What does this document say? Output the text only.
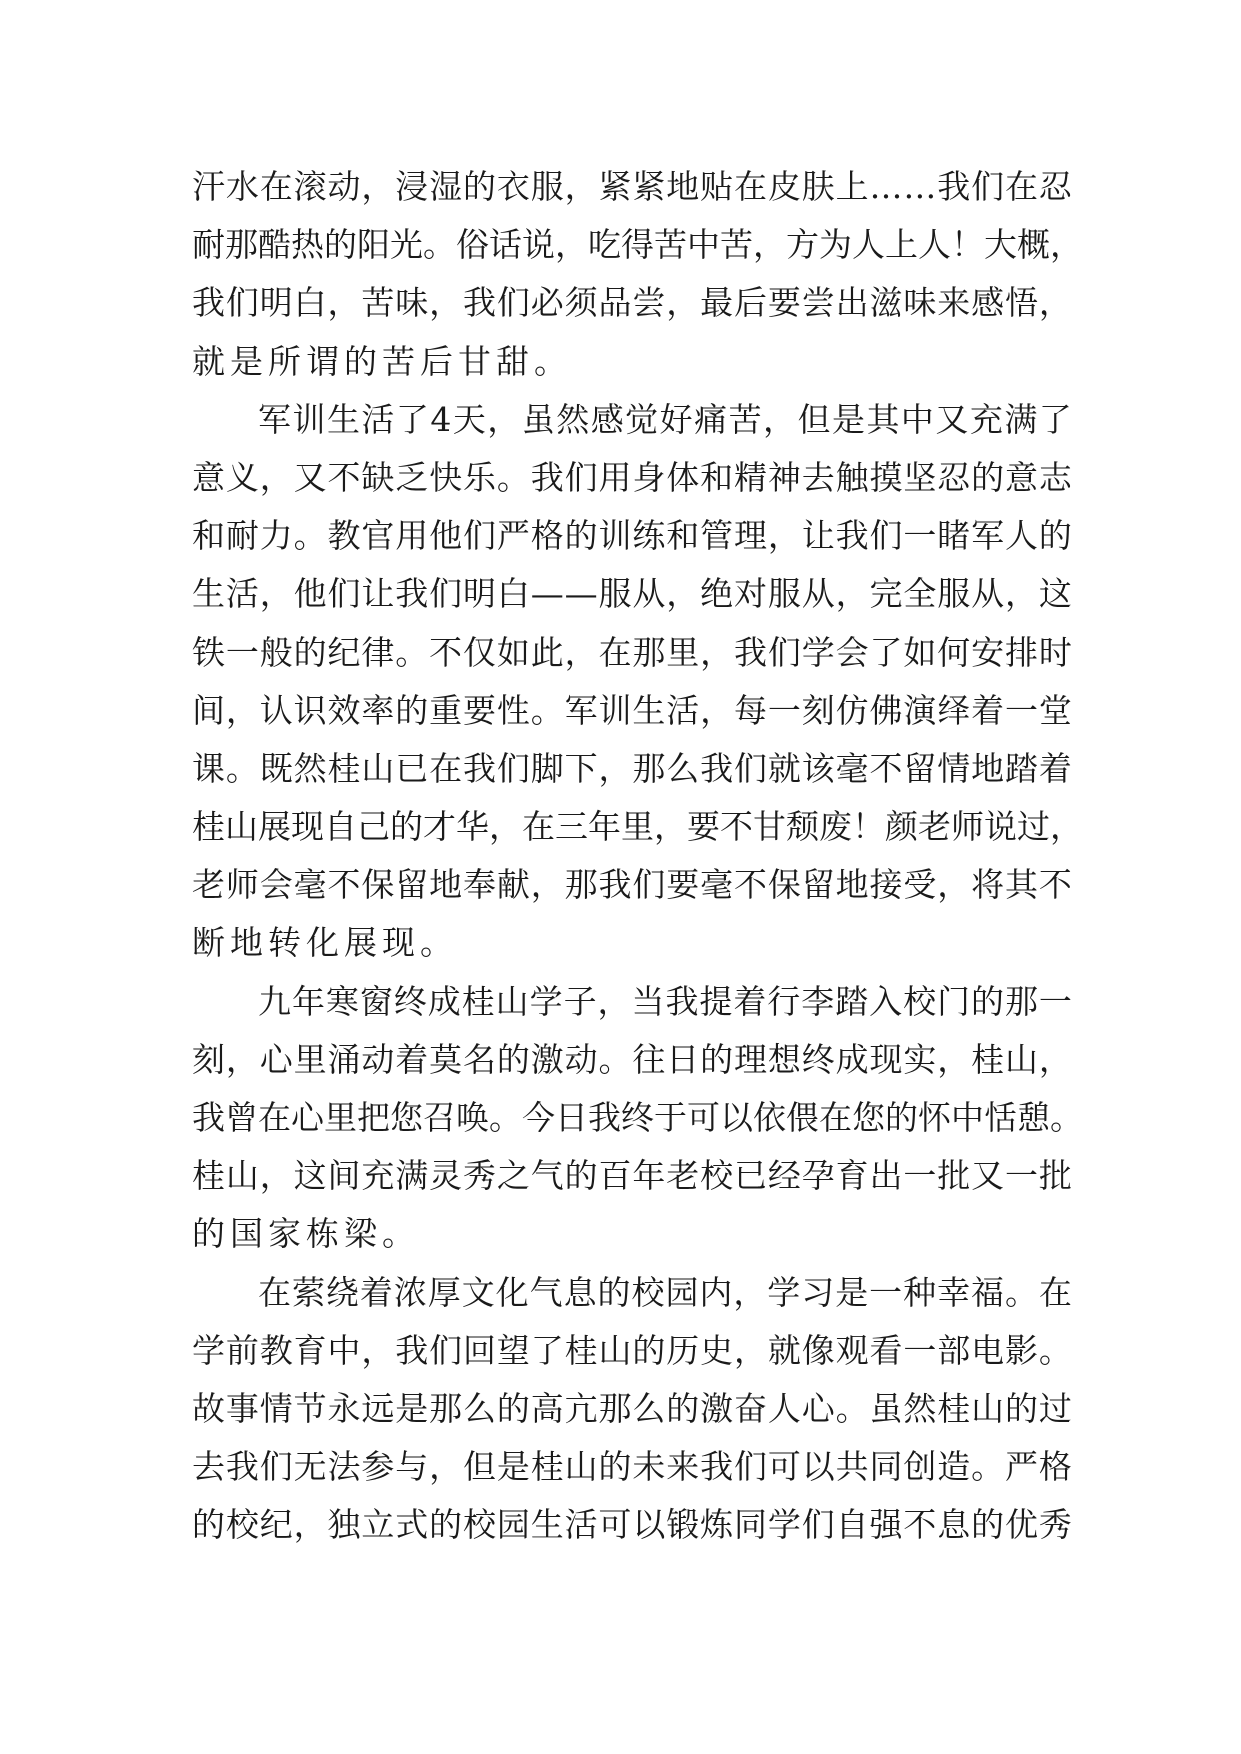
汗 水 在 滚 动 ， 浸 湿 的 衣 服 ， 紧 紧 地 贴 在 皮 肤 上 … … 我 们 在 忍
耐 那 酷 热 的 阳 光 。 俗 话 说 ， 吃 得 苦 中 苦 ， 方 为 人 上 人 ！ 大 概 ，
我 们 明 白 ， 苦 味 ， 我 们 必 须 品 尝 ， 最 后 要 尝 出 滋 味 来 感 悟 ，
就是所谓的苦后甘甜。
军 训 生 活 了 4 天 ， 虽 然 感 觉 好 痛 苦 ， 但 是 其 中 又 充 满 了
意 义 ， 又 不 缺 乏 快 乐 。 我 们 用 身 体 和 精 神 去 触 摸 坚 忍 的 意 志
和 耐 力 。 教 官 用 他 们 严 格 的 训 练 和 管 理 ， 让 我 们 一 睹 军 人 的
生 活 ， 他 们 让 我 们 明 白 — — 服 从 ， 绝 对 服 从 ， 完 全 服 从 ， 这
铁 一 般 的 纪 律 。 不 仅 如 此 ， 在 那 里 ， 我 们 学 会 了 如 何 安 排 时
间 ， 认 识 效 率 的 重 要 性 。 军 训 生 活 ， 每 一 刻 仿 佛 演 绎 着 一 堂
课 。 既 然 桂 山 已 在 我 们 脚 下 ， 那 么 我 们 就 该 毫 不 留 情 地 踏 着
桂 山 展 现 自 己 的 才 华 ， 在 三 年 里 ， 要 不 甘 颓 废 ！ 颜 老 师 说 过 ，
老 师 会 毫 不 保 留 地 奉 献 ， 那 我 们 要 毫 不 保 留 地 接 受 ， 将 其 不
断地转化展现。
九 年 寒 窗 终 成 桂 山 学 子 ， 当 我 提 着 行 李 踏 入 校 门 的 那 一
刻 ， 心 里 涌 动 着 莫 名 的 激 动 。 往 日 的 理 想 终 成 现 实 ， 桂 山 ，
我 曾 在 心 里 把 您 召 唤 。 今 日 我 终 于 可 以 依 偎 在 您 的 怀 中 恬 憩 。
桂 山 ， 这 间 充 满 灵 秀 之 气 的 百 年 老 校 已 经 孕 育 出 一 批 又 一 批
的国家栋梁。
在 萦 绕 着 浓 厚 文 化 气 息 的 校 园 内 ， 学 习 是 一 种 幸 福 。 在
学 前 教 育 中 ， 我 们 回 望 了 桂 山 的 历 史 ， 就 像 观 看 一 部 电 影 。
故 事 情 节 永 远 是 那 么 的 高 亢 那 么 的 激 奋 人 心 。 虽 然 桂 山 的 过
去 我 们 无 法 参 与 ， 但 是 桂 山 的 未 来 我 们 可 以 共 同 创 造 。 严 格
的 校 纪 ， 独 立 式 的 校 园 生 活 可 以 锻 炼 同 学 们 自 强 不 息 的 优 秀
